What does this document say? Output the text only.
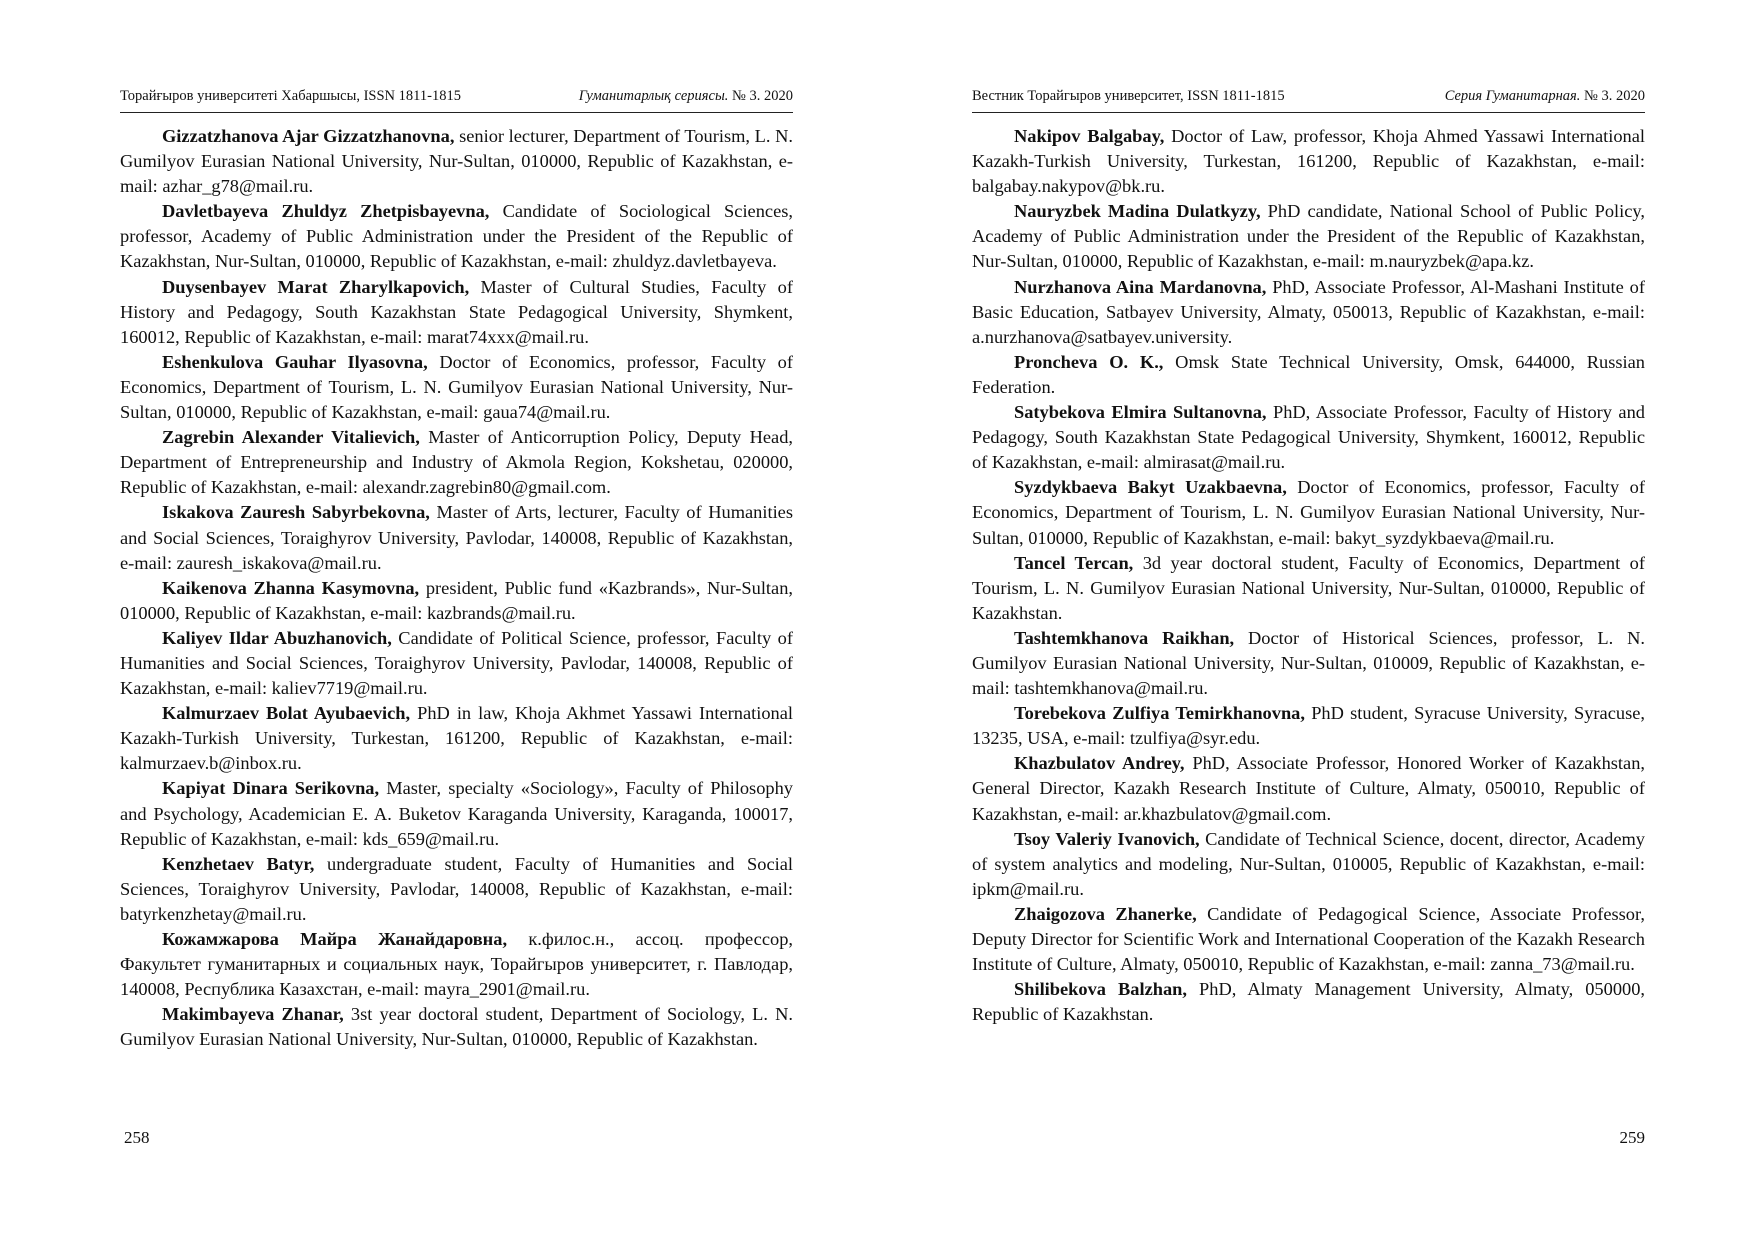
Торайғыров университеті Хабаршысы, ISSN 1811-1815	Гуманитарлық сериясы. № 3. 2020

Gizzatzhanova Ajar Gizzatzhanovna, senior lecturer, Department of Tourism, L. N. Gumilyov Eurasian National University, Nur-Sultan, 010000, Republic of Kazakhstan, e-mail: azhar_g78@mail.ru.

Davletbayeva Zhuldyz Zhetpisbayevna, Candidate of Sociological Sciences, professor, Academy of Public Administration under the President of the Republic of Kazakhstan, Nur-Sultan, 010000, Republic of Kazakhstan, e-mail: zhuldyz.davletbayeva.

Duysenbayev Marat Zharylkapovich, Master of Cultural Studies, Faculty of History and Pedagogy, South Kazakhstan State Pedagogical University, Shymkent, 160012, Republic of Kazakhstan, e-mail: marat74xxx@mail.ru.

Eshenkulova Gauhar Ilyasovna, Doctor of Economics, professor, Faculty of Economics, Department of Tourism, L. N. Gumilyov Eurasian National University, Nur-Sultan, 010000, Republic of Kazakhstan, e-mail: gaua74@mail.ru.

Zagrebin Alexander Vitalievich, Master of Anticorruption Policy, Deputy Head, Department of Entrepreneurship and Industry of Akmola Region, Kokshetau, 020000, Republic of Kazakhstan, e-mail: alexandr.zagrebin80@gmail.com.

Iskakova Zauresh Sabyrbekovna, Master of Arts, lecturer, Faculty of Humanities and Social Sciences, Toraighyrov University, Pavlodar, 140008, Republic of Kazakhstan, e-mail: zauresh_iskakova@mail.ru.

Kaikenova Zhanna Kasymovna, president, Public fund «Kazbrands», Nur-Sultan, 010000, Republic of Kazakhstan, e-mail: kazbrands@mail.ru.

Kaliyev Ildar Abuzhanovich, Candidate of Political Science, professor, Faculty of Humanities and Social Sciences, Toraighyrov University, Pavlodar, 140008, Republic of Kazakhstan, e-mail: kaliev7719@mail.ru.

Kalmurzaev Bolat Ayubaevich, PhD in law, Khoja Akhmet Yassawi International Kazakh-Turkish University, Turkestan, 161200, Republic of Kazakhstan, e-mail: kalmurzaev.b@inbox.ru.

Kapiyat Dinara Serikovna, Master, specialty «Sociology», Faculty of Philosophy and Psychology, Academician E. A. Buketov Karaganda University, Karaganda, 100017, Republic of Kazakhstan, e-mail: kds_659@mail.ru.

Kenzhetaev Batyr, undergraduate student, Faculty of Humanities and Social Sciences, Toraighyrov University, Pavlodar, 140008, Republic of Kazakhstan, e-mail: batyrkenzhetay@mail.ru.

Кожамжарова Майра Жанайдаровна, к.филос.н., ассоц. профессор, Факультет гуманитарных и социальных наук, Торайгыров университет, г. Павлодар, 140008, Республика Казахстан, e-mail: mayra_2901@mail.ru.

Makimbayeva Zhanar, 3st year doctoral student, Department of Sociology, L. N. Gumilyov Eurasian National University, Nur-Sultan, 010000, Republic of Kazakhstan.

258
Вестник Торайгыров университет, ISSN 1811-1815	Серия Гуманитарная. № 3. 2020

Nakipov Balgabay, Doctor of Law, professor, Khoja Ahmed Yassawi International Kazakh-Turkish University, Turkestan, 161200, Republic of Kazakhstan, e-mail: balgabay.nakypov@bk.ru.

Nauryzbek Madina Dulatkyzy, PhD candidate, National School of Public Policy, Academy of Public Administration under the President of the Republic of Kazakhstan, Nur-Sultan, 010000, Republic of Kazakhstan, e-mail: m.nauryzbek@apa.kz.

Nurzhanova Aina Mardanovna, PhD, Associate Professor, Al-Mashani Institute of Basic Education, Satbayev University, Almaty, 050013, Republic of Kazakhstan, e-mail: a.nurzhanova@satbayev.university.

Proncheva O. K., Omsk State Technical University, Omsk, 644000, Russian Federation.

Satybekova Elmira Sultanovna, PhD, Associate Professor, Faculty of History and Pedagogy, South Kazakhstan State Pedagogical University, Shymkent, 160012, Republic of Kazakhstan, e-mail: almirasat@mail.ru.

Syzdykbaeva Bakyt Uzakbaevna, Doctor of Economics, professor, Faculty of Economics, Department of Tourism, L. N. Gumilyov Eurasian National University, Nur-Sultan, 010000, Republic of Kazakhstan, e-mail: bakyt_syzdykbaeva@mail.ru.

Tancel Tercan, 3d year doctoral student, Faculty of Economics, Department of Tourism, L. N. Gumilyov Eurasian National University, Nur-Sultan, 010000, Republic of Kazakhstan.

Tashtemkhanova Raikhan, Doctor of Historical Sciences, professor, L. N. Gumilyov Eurasian National University, Nur-Sultan, 010009, Republic of Kazakhstan, e-mail: tashtemkhanova@mail.ru.

Torebekova Zulfiya Temirkhanovna, PhD student, Syracuse University, Syracuse, 13235, USA, e-mail: tzulfiya@syr.edu.

Khazbulatov Andrey, PhD, Associate Professor, Honored Worker of Kazakhstan, General Director, Kazakh Research Institute of Culture, Almaty, 050010, Republic of Kazakhstan, e-mail: ar.khazbulatov@gmail.com.

Tsoy Valeriy Ivanovich, Candidate of Technical Science, docent, director, Academy of system analytics and modeling, Nur-Sultan, 010005, Republic of Kazakhstan, e-mail: ipkm@mail.ru.

Zhaigozova Zhanerke, Candidate of Pedagogical Science, Associate Professor, Deputy Director for Scientific Work and International Cooperation of the Kazakh Research Institute of Culture, Almaty, 050010, Republic of Kazakhstan, e-mail: zanna_73@mail.ru.

Shilibekova Balzhan, PhD, Almaty Management University, Almaty, 050000, Republic of Kazakhstan.

259
